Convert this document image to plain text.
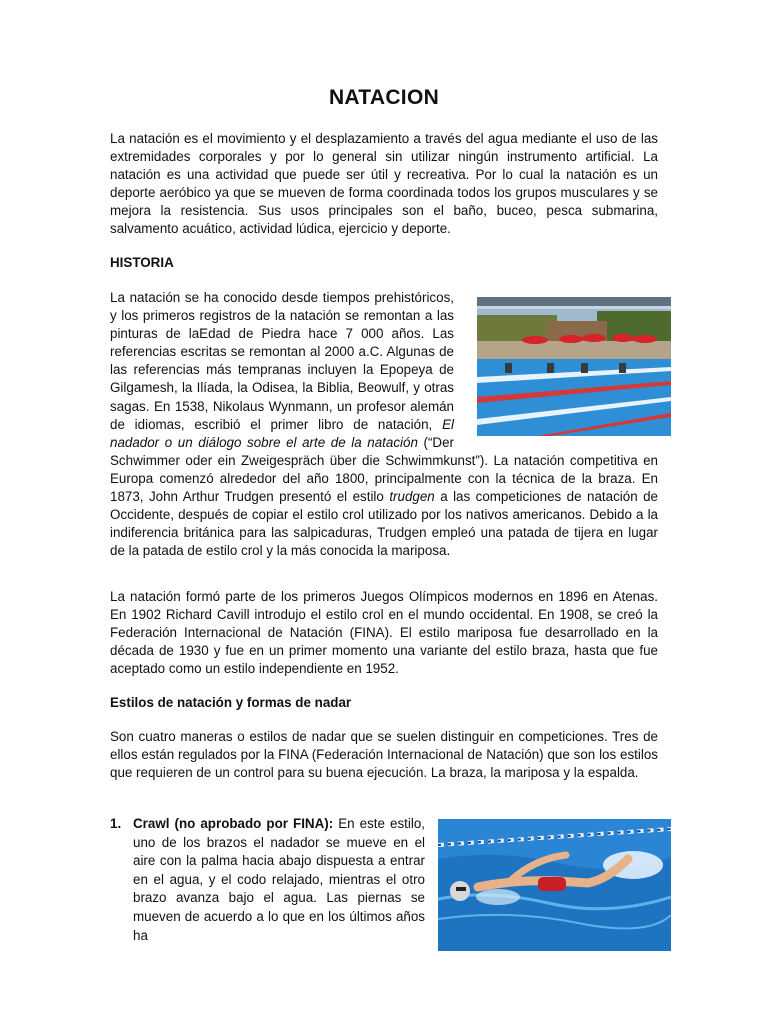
NATACION

La natación es el movimiento y el desplazamiento a través del agua mediante el uso de las extremidades corporales y por lo general sin utilizar ningún instrumento artificial. La natación es una actividad que puede ser útil y recreativa. Por lo cual la natación es un deporte aeróbico ya que se mueven de forma coordinada todos los grupos musculares y se mejora la resistencia. Sus usos principales son el baño, buceo, pesca submarina, salvamento acuático, actividad lúdica, ejercicio y deporte.

HISTORIA

La natación se ha conocido desde tiempos prehistóricos, y los primeros registros de la natación se remontan a las pinturas de laEdad de Piedra hace 7 000 años. Las referencias escritas se remontan al 2000 a.C. Algunas de las referencias más tempranas incluyen la Epopeya de Gilgamesh, la Ilíada, la Odisea, la Biblia, Beowulf, y otras sagas. En 1538, Nikolaus Wynmann, un profesor alemán de idiomas, escribió el primer libro de natación, El nadador o un diálogo sobre el arte de la natación (“Der Schwimmer oder ein Zweigespräch über die Schwimmkunst”). La natación competitiva en Europa comenzó alrededor del año 1800, principalmente con la técnica de la braza. En 1873, John Arthur Trudgen presentó el estilo trudgen a las competiciones de natación de Occidente, después de copiar el estilo crol utilizado por los nativos americanos. Debido a la indiferencia británica para las salpicaduras, Trudgen empleó una patada de tijera en lugar de la patada de estilo crol y la más conocida la mariposa.

La natación formó parte de los primeros Juegos Olímpicos modernos en 1896 en Atenas. En 1902 Richard Cavill introdujo el estilo crol en el mundo occidental. En 1908, se creó la Federación Internacional de Natación (FINA). El estilo mariposa fue desarrollado en la década de 1930 y fue en un primer momento una variante del estilo braza, hasta que fue aceptado como un estilo independiente en 1952.

Estilos de natación y formas de nadar

Son cuatro maneras o estilos de nadar que se suelen distinguir en competiciones. Tres de ellos están regulados por la FINA (Federación Internacional de Natación) que son los estilos que requieren de un control para su buena ejecución. La braza, la mariposa y la espalda.

1. Crawl (no aprobado por FINA): En este estilo, uno de los brazos el nadador se mueve en el aire con la palma hacia abajo dispuesta a entrar en el agua, y el codo relajado, mientras el otro brazo avanza bajo el agua. Las piernas se mueven de acuerdo a lo que en los últimos años ha
